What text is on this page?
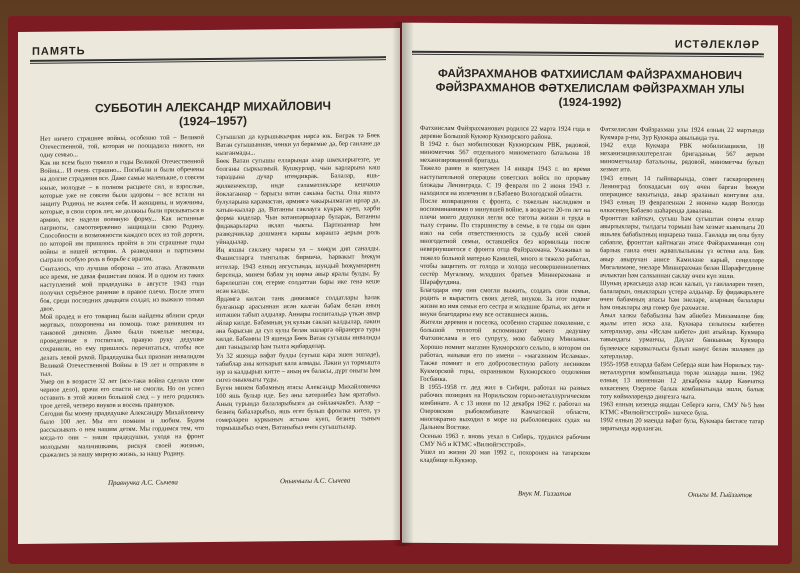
ПАМЯТЬ
СУББОТИН АЛЕКСАНДР МИХАЙЛОВИЧ
(1924–1957)
Нет ничего страшнее войны, особенно той – Великой Отечественной, той, которая не поощадила никого, ни одну семью...
Как ни всем было тяжело в годы Великой Отечественной Войны... И очень страшно... Погибали и были обречены на долгие страдания все. Даже самые маленькие, о совсем юные, молодые – в полном расцвете сил, и взрослые, которые уже не совсем были здоровы – все встали на защиту Родины, не жалея себя. И женщины, и мужчины, которые, в свои сорок лет, не должны были призываться в армию, все надели военную форму... Как истинные патриоты, самоотверженно защищали свою Родину. Способности и возможности каждого всех из той дороги, по которой им пришлось пройти в эти страшные годы войны и нашей истории. А разведчики и партизаны сыграли особую роль в борьбе с врагом.
Считалось, что лучшая оборона – это атака. Атаковали все время, не давая фашистам покоя. И в одном из таких наступлений мой прадедушка в августе 1943 года получил серьёзное ранение в правое плечо. После этого боя, среди последних двадцати солдат, из выжило только двое.
Мой прадед и его товарищ были найдены вблизи среди мертвых, похоронены на помощь тоже ранившим из танковой дивизии. Далее были тяжелые месяцы, проведенные в госпитале, правую руку дедушке сохранили, но ему пришлось перечитаться, чтобы все делать левой рукой. Прадедушка был признан инвалидом Великой Отечественной Войны в 19 лет и отправлен в тыл.
Умер он в возрасте 32 лет (все-таки война сделала свое черное дело), врачи его спасти не смогли. Но он успел оставить в этой жизни большой след – у него родились трое детей, четверо внуков и восемь правнуков.
Сегодня бы моему прадедушке Александру Михайловичу было 100 лет. Мы его помним и любим. Будем рассказывать о нем нашим детям. Мы гордимся тем, что когда-то они – наши прадедушки, уходя на фронт молодыми мальчишками, рискуя своей жизнью, сражались за нашу мирную жизнь, за нашу Родину.
Сугышлап да курьшыкычрак нәрсә юк. Бигрәк тә Бөек Ватан сугышыннан, чөнки ул беркемне дә, бер гаиләне дә кызганмады...
Бөек Ватан сугышы елларында алар шкеклерыгезге, уе болганы сыркылмый. Кушкурлар, чын карларына каш тараздына дучар итеңдикрак. Балалар, яшь-җилкенчеклэр, инде сәламәтлекләре кешчәшә йоклаганнар – барысы ватан сакына басты. Олы яшьтә булуларына карамастан, армиягә чакырылмаган ирләр дә, хатын-кызлар да, Ватанны саклауга күкрәк куеп, хәрби форма киделәр. Чын ватанпәрвәрләр буларак, Ватанны фидакарьларча яклап чыкты. Партизаннар һәм разведчиклар дошманга каршы көрәштә аерым роль уйнадылар.
Иң яхшы саклану чарасы ул – хөҗүм дип саналды. Фашистларга тынгылык бирмичә, һәрвакыт һөҗүм иттеләр. 1943 елның августында, шундый һөҗүмнәрнең берсендә, минем бабам уң иңенә авыр яралы булды. Бу бәрелештән соң егерме солдаттан бары ике генә кеше исән калды.
Ярдәмгә килгән танк дивизиясе солдатлары һәлак булганнар арасыннан исән калган бабам белән аның иптәшен табып алдылар. Аннары госпитальдә үткән авыр айлар килде. Бабамның уң кулын саклап калдылар, ләкин ана барысын да сул кулы белән эшләргә өйрәнергә туры килде. Бабамны 19 яшендә Бөек Ватан сугышы инвалиды дип таныдылар һәм тылга җибәрделәр.
Ул 32 яшендә вафат булды (сугыш кара эшен эшләде), табиблар аны коткарып кала алмады. Ләкин ул тормышта зур эз калдырып китте – аның өч баласы, дүрт оныгы һәм сигез оныкчыгы туды.
Бүген минем бабамның атасы Александр Михайловичка 100 яшь булыр иде. Без аны хәтерлибез һәм яратабыз. Аның турында балаларыбызга да сөйләячәкбез. Алар – безнең бабаларыбыз, яшь егет булып фронтка китеп, үз гомерләрен куркыныч астына куеп, безнең тыныч тормышыбыз өчен, Ватаныбыз өчен сугыштылар.
Правнучка А.С. Сычева	Оныкчыгы А.С. Сычева
ИСТӘЛЕКЛӘР
ФАЙЗРАХМАНОВ ФАТХИИСЛАМ ФАЙЗРАХМАНОВИЧ
ФӘЙЗРАХМАНОВ ФӘТХЕЛИСЛАМ ФӘЙЗРАХМАН УЛЫ
(1924-1992)
Фатхиислам Файзрахманович родился 22 марта 1924 года в деревне Большой Кукмор Кукморского района.
В 1942 г. был мобилизован Кукморским РВК, рядовой, минометчик 567 отдельного минометного батальона 18 механизированной бригады.
Тяжело ранен и контужен 14 января 1943 г. во время наступательной операции советских войск по прорыву блокады Ленинграда. С 19 февраля по 2 июня 1943 г. находился на излечении в г.Бабаево Вологодской области.
После возвращения с фронта, с тяжелым наследием и воспоминаниями о минувшей войне, в возрасте 20-ти лет на плечи моего дедушки легли все тяготы жизни и труда в тылу страны. По старшинству в семье, в те годы он один взял на себя ответственность за судьбу всей своей многодетной семьи, оставшейся без кормильца после невернувшегося с фронта отца Файзрахмана. Ухаживал за тяжело больной матерью Камилей, много и тяжело работал, чтобы защитить от голода и холода несовершеннолетних сестёр Мугалиму, младших братьев Миннерахмана и Шарафутдина.
Благодаря ему они смогли выжить, создать свои семьи, родить и вырастить своих детей, внуков. За этот подвиг жизни во имя семьи его сестра и младшие братья, их дети и внуки благодарны ему все оставшиеся жизнь.
Жители деревни и поселка, особенно старшее поколение, с большой теплотой вспоминают моего дедушку Фатхиислама и его супругу, мою бабушку Минзамал. Хорошо помнят магазин Кукморского сельпо, в котором он работал, называя его по имени – «магазином Исламаа». Также помнят и его добросовестную работу лесником Кукморской горы, охранником Кукморского отделения Госбанка.
В 1955-1958 гг. дед жил в Сибири, работал на разных рабочих позициях на Норильском горно-металлургическом комбинате. А с 13 июня по 12 декабря 1962 г. работал на Озеровском рыбокомбинате Камчатской области, многократно выходил в море на рыболовецких судах на Дальнем Востоке.
Осенью 1963 г. вновь уехал в Сибирь, трудился рабочим СМУ №5 и КТМС «Вилюйгэсстрой».
Ушел из жизни 20 мая 1992 г., похоронен на татарском кладбище п.Кукмор.
Фәтхелислам Фәйзрахман улы 1924 елның 22 мартында Кукмара р-ны, Зур Кукмара авылында туа.
1942 елда Кукмара РВК мобилизацияли, 18 механизацияләштерелгән бригаданың 567 аерым минометчылар батальоны, рядовой, минометчы булып хезмәт итә.
1943 елның 14 гыйнварында, совет гаскәрләренең Ленинград блокадасын өзү өчен барган һөҗүм операциясе вакытында, авыр яраланып контузия ала. 1943 елның 19 февраленнән 2 июненә кадәр Вологда өлкәсенең Бабаево шәһәрендә дәвалана.
Фронттан кайткач, сугыш һәм сугыштан соңгы еллар авырлыклары, тылдагы тормыш һәм хезмәт кыенлыгы 20 яшьлек бабабызның иңнәренә төшә. Гаиләдә иң олы булу сәбәпле, фронттан кайтмаган әтисе Фәйзрахманнан соң барлык гаилә өчен җаваплылыкны үз өстенә ала. Бик авыр авыручан әнисе Камиләне карый, сеңелләре Мөгалимәне, энеләре Миннерахман белән Шәрәфетдинне ачлыктан һәм салкыннан саклау өчен күп эшли.
Шуның аркасында алар исән калып, үз гаиләләрен төзеп, балаларын, оныкларын үстерә алдылар. Бу фидакарьлеге өчен бабамның апасы һәм энеләре, аларның балалары һәм оныклары аңа гомер буе рәхмәтле.
Авыл халкы бабабызны һәм әбиебез Минзәмәлне бик җылы итеп искә ала. Кукмара сельпосы кибетен хәтерлиләр, аны «Ислам кибете» дип атыйлар. Кукмара тавындагы урманчы, Дәүләт банкының Кукмара бүлекчәсе каравылчысы булып намус белән эшләвен дә хәтерлиләр.
1955-1958 елларда бабам Себердә яши һәм Норильск тау-металлургия комбинатында төрле эшләрдә эшли. 1962 елның 13 июненнән 12 декабренә кадәр Камчатка өлкәсенең Озерное балык комбинатында эшли, балык тоту көймәләрендә диңгезгә чыга.
1963 елның көзендә яңадан Себергә китә, СМУ №5 һәм КТМС «Вилюйгэсстрой» эшчесе була.
1992 елның 20 маенда вафат була, Кукмара бистәсе татар зиратында җирләнгән.
Внук М. Гиззатов	Оныгы М. Гыйззәтов
